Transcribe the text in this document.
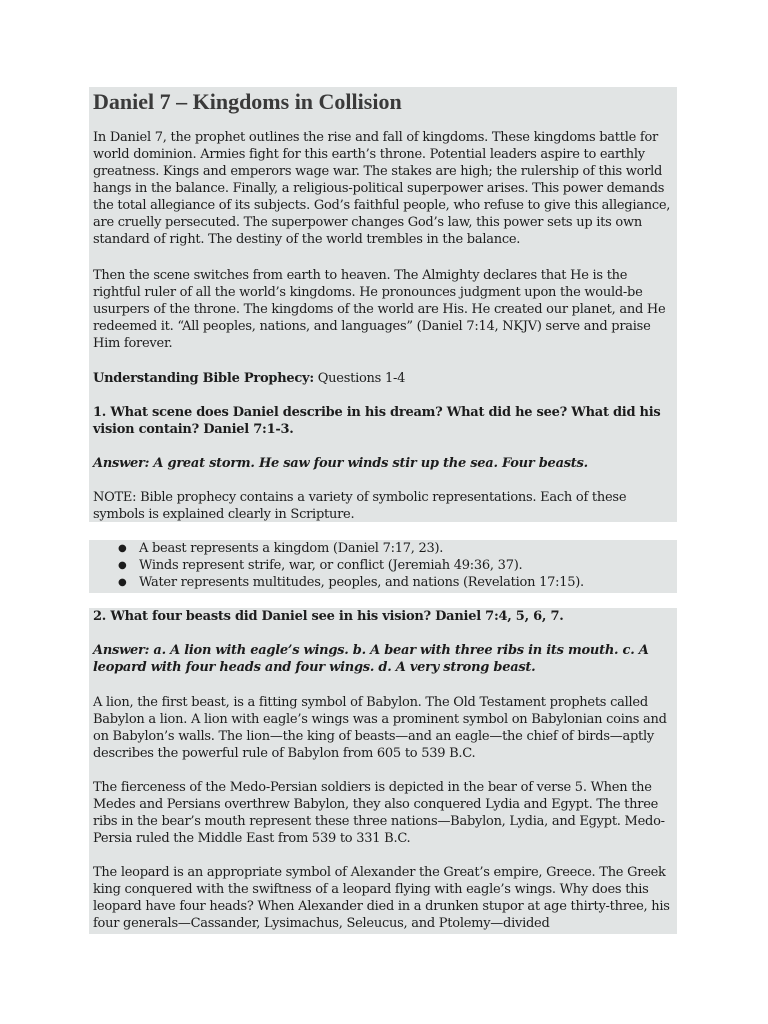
Daniel 7 – Kingdoms in Collision

In Daniel 7, the prophet outlines the rise and fall of kingdoms. These kingdoms battle for world dominion. Armies fight for this earth’s throne. Potential leaders aspire to earthly greatness. Kings and emperors wage war. The stakes are high; the rulership of this world hangs in the balance. Finally, a religious-political superpower arises. This power demands the total allegiance of its subjects. God’s faithful people, who refuse to give this allegiance, are cruelly persecuted. The superpower changes God’s law, this power sets up its own standard of right. The destiny of the world trembles in the balance.

Then the scene switches from earth to heaven. The Almighty declares that He is the rightful ruler of all the world’s kingdoms. He pronounces judgment upon the would-be usurpers of the throne. The kingdoms of the world are His. He created our planet, and He redeemed it. “All peoples, nations, and languages” (Daniel 7:14, NKJV) serve and praise Him forever.

Understanding Bible Prophecy: Questions 1-4

1. What scene does Daniel describe in his dream? What did he see? What did his vision contain? Daniel 7:1-3.

Answer: A great storm. He saw four winds stir up the sea. Four beasts.

NOTE: Bible prophecy contains a variety of symbolic representations. Each of these symbols is explained clearly in Scripture.

● A beast represents a kingdom (Daniel 7:17, 23).
● Winds represent strife, war, or conflict (Jeremiah 49:36, 37).
● Water represents multitudes, peoples, and nations (Revelation 17:15).

2. What four beasts did Daniel see in his vision? Daniel 7:4, 5, 6, 7.

Answer: a. A lion with eagle’s wings. b. A bear with three ribs in its mouth. c. A leopard with four heads and four wings. d. A very strong beast.

A lion, the first beast, is a fitting symbol of Babylon. The Old Testament prophets called Babylon a lion. A lion with eagle’s wings was a prominent symbol on Babylonian coins and on Babylon’s walls. The lion—the king of beasts—and an eagle—the chief of birds—aptly describes the powerful rule of Babylon from 605 to 539 B.C.

The fierceness of the Medo-Persian soldiers is depicted in the bear of verse 5. When the Medes and Persians overthrew Babylon, they also conquered Lydia and Egypt. The three ribs in the bear’s mouth represent these three nations—Babylon, Lydia, and Egypt. Medo-Persia ruled the Middle East from 539 to 331 B.C.

The leopard is an appropriate symbol of Alexander the Great’s empire, Greece. The Greek king conquered with the swiftness of a leopard flying with eagle’s wings. Why does this leopard have four heads? When Alexander died in a drunken stupor at age thirty-three, his four generals—Cassander, Lysimachus, Seleucus, and Ptolemy—divided
